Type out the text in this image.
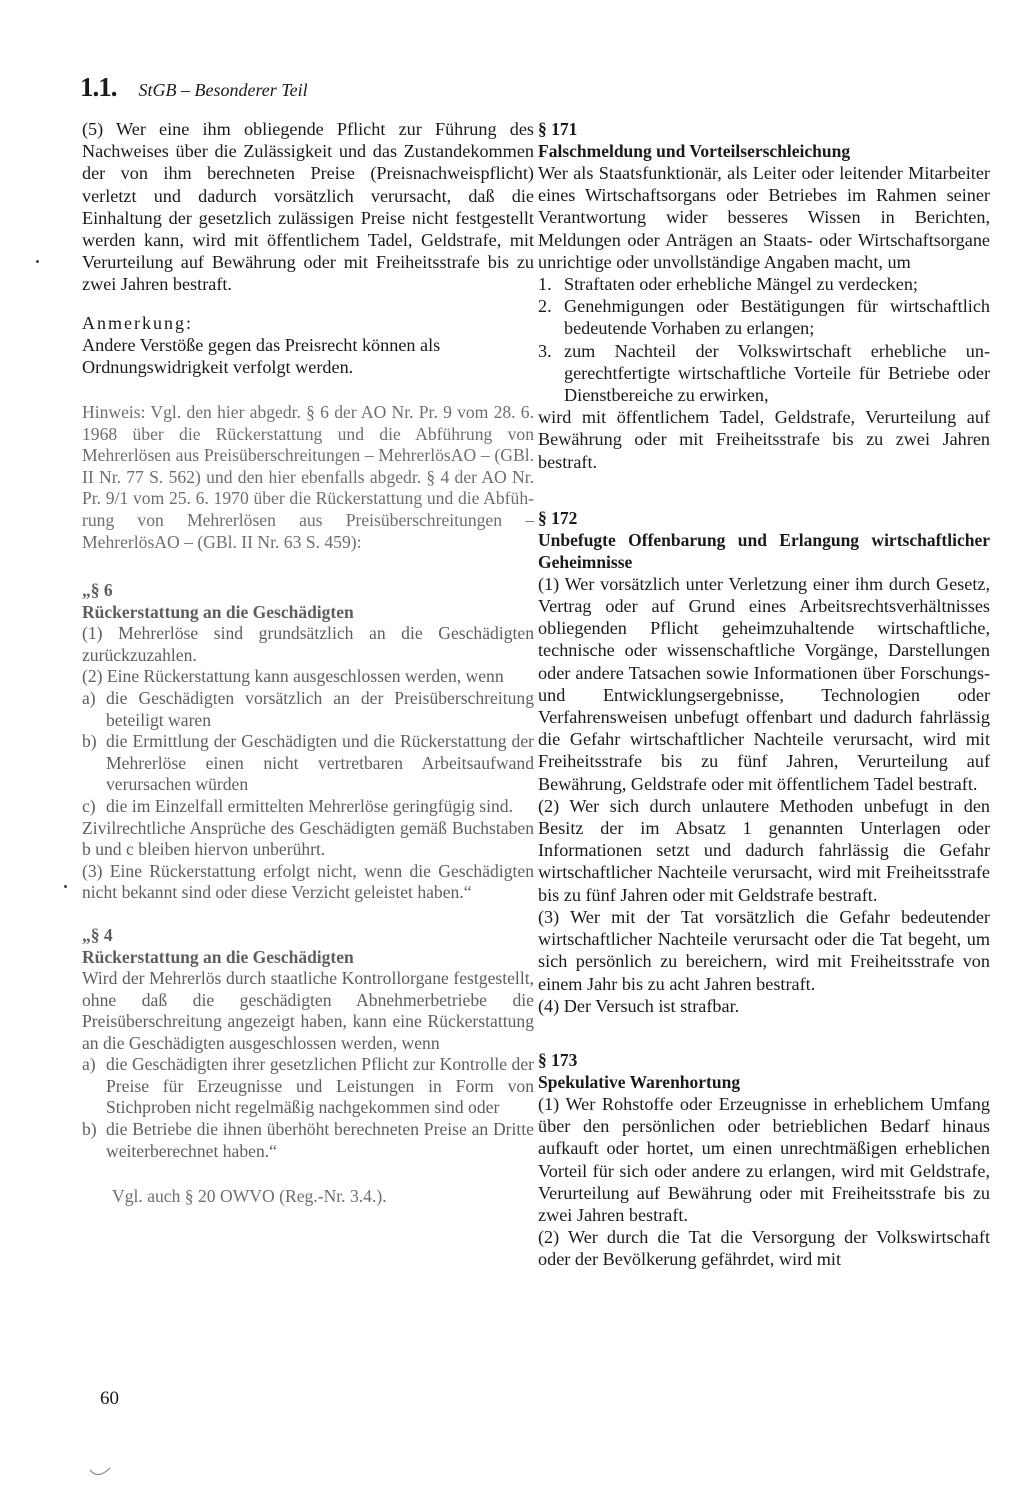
1.1. StGB – Besonderer Teil

(5) Wer eine ihm obliegende Pflicht zur Führung des Nachweises über die Zulässigkeit und das Zustandekommen der von ihm berechneten Preise (Preisnachweispflicht) verletzt und dadurch vorsätzlich verursacht, daß die Einhaltung der gesetzlich zulässigen Preise nicht festgestellt werden kann, wird mit öffentlichem Tadel, Geldstrafe, mit Verurteilung auf Bewährung oder mit Freiheitsstrafe bis zu zwei Jahren bestraft.

Anmerkung:

Andere Verstöße gegen das Preisrecht können als Ordnungswidrigkeit verfolgt werden.

Hinweis: Vgl. den hier abgedr. § 6 der AO Nr. Pr. 9 vom 28. 6. 1968 über die Rückerstattung und die Abführung von Mehrerlösen aus Preisüberschreitungen – MehrerlösAO – (GBl. II Nr. 77 S. 562) und den hier ebenfalls abgedr. § 4 der AO Nr. Pr. 9/1 vom 25. 6. 1970 über die Rückerstattung und die Abführung von Mehrerlösen aus Preisüberschreitungen – MehrerlösAO – (GBl. II Nr. 63 S. 459):

„§ 6

Rückerstattung an die Geschädigten

(1) Mehrerlöse sind grundsätzlich an die Geschädigten zurückzuzahlen.

(2) Eine Rückerstattung kann ausgeschlossen werden, wenn

a) die Geschädigten vorsätzlich an der Preisüberschreitung beteiligt waren
b) die Ermittlung der Geschädigten und die Rückerstattung der Mehrerlöse einen nicht vertretbaren Arbeitsaufwand verursachen würden
c) die im Einzelfall ermittelten Mehrerlöse geringfügig sind.

Zivilrechtliche Ansprüche des Geschädigten gemäß Buchstaben b und c bleiben hiervon unberührt.

(3) Eine Rückerstattung erfolgt nicht, wenn die Geschädigten nicht bekannt sind oder diese Verzicht geleistet haben.“

„§ 4

Rückerstattung an die Geschädigten

Wird der Mehrerlös durch staatliche Kontrollorgane festgestellt, ohne daß die geschädigten Abnehmerbetriebe die Preisüberschreitung angezeigt haben, kann eine Rückerstattung an die Geschädigten ausgeschlossen werden, wenn

a) die Geschädigten ihrer gesetzlichen Pflicht zur Kontrolle der Preise für Erzeugnisse und Leistungen in Form von Stichproben nicht regelmäßig nachgekommen sind oder
b) die Betriebe die ihnen überhöht berechneten Preise an Dritte weiterberechnet haben.“

Vgl. auch § 20 OWVO (Reg.-Nr. 3.4.).

60

§ 171

Falschmeldung und Vorteilserschleichung

Wer als Staatsfunktionär, als Leiter oder leitender Mitarbeiter eines Wirtschaftsorgans oder Betriebes im Rahmen seiner Verantwortung wider besseres Wissen in Berichten, Meldungen oder Anträgen an Staats- oder Wirtschaftsorgane unrichtige oder unvollständige Angaben macht, um

1. Straftaten oder erhebliche Mängel zu verdecken;
2. Genehmigungen oder Bestätigungen für wirtschaftlich bedeutende Vorhaben zu erlangen;
3. zum Nachteil der Volkswirtschaft erhebliche ungerechtfertigte wirtschaftliche Vorteile für Betriebe oder Dienstbereiche zu erwirken,

wird mit öffentlichem Tadel, Geldstrafe, Verurteilung auf Bewährung oder mit Freiheitsstrafe bis zu zwei Jahren bestraft.

§ 172

Unbefugte Offenbarung und Erlangung wirtschaftlicher Geheimnisse

(1) Wer vorsätzlich unter Verletzung einer ihm durch Gesetz, Vertrag oder auf Grund eines Arbeitsrechtsverhältnisses obliegenden Pflicht geheimzuhaltende wirtschaftliche, technische oder wissenschaftliche Vorgänge, Darstellungen oder andere Tatsachen sowie Informationen über Forschungs- und Entwicklungsergebnisse, Technologien oder Verfahrensweisen unbefugt offenbart und dadurch fahrlässig die Gefahr wirtschaftlicher Nachteile verursacht, wird mit Freiheitsstrafe bis zu fünf Jahren, Verurteilung auf Bewährung, Geldstrafe oder mit öffentlichem Tadel bestraft.

(2) Wer sich durch unlautere Methoden unbefugt in den Besitz der im Absatz 1 genannten Unterlagen oder Informationen setzt und dadurch fahrlässig die Gefahr wirtschaftlicher Nachteile verursacht, wird mit Freiheitsstrafe bis zu fünf Jahren oder mit Geldstrafe bestraft.

(3) Wer mit der Tat vorsätzlich die Gefahr bedeutender wirtschaftlicher Nachteile verursacht oder die Tat begeht, um sich persönlich zu bereichern, wird mit Freiheitsstrafe von einem Jahr bis zu acht Jahren bestraft.

(4) Der Versuch ist strafbar.

§ 173

Spekulative Warenhortung

(1) Wer Rohstoffe oder Erzeugnisse in erheblichem Umfang über den persönlichen oder betrieblichen Bedarf hinaus aufkauft oder hortet, um einen unrechtmäßigen erheblichen Vorteil für sich oder andere zu erlangen, wird mit Geldstrafe, Verurteilung auf Bewährung oder mit Freiheitsstrafe bis zu zwei Jahren bestraft.

(2) Wer durch die Tat die Versorgung der Volkswirtschaft oder der Bevölkerung gefährdet, wird mit
